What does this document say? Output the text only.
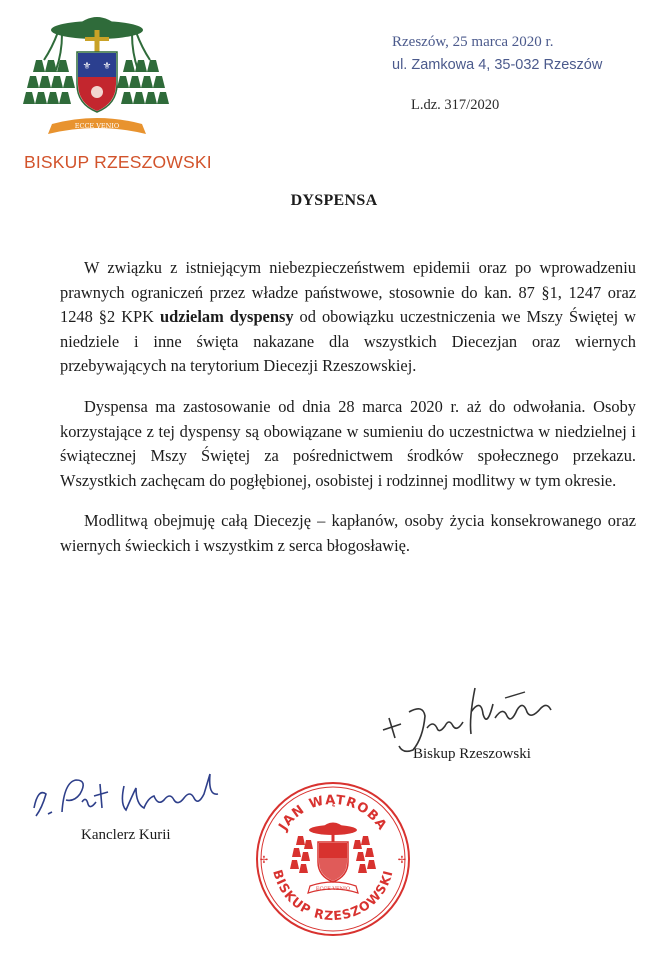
⚜ ⚜
ECCE VENIO
BISKUP RZESZOWSKI
Rzeszów, 25 marca 2020 r.
ul. Zamkowa 4, 35-032 Rzeszów
L.dz. 317/2020
DYSPENSA

W związku z istniejącym niebezpieczeństwem epidemii oraz po wprowadzeniu prawnych ograniczeń przez władze państwowe, stosownie do kan. 87 §1, 1247 oraz 1248 §2 KPK udzielam dyspensy od obowiązku uczestniczenia we Mszy Świętej w niedziele i inne święta nakazane dla wszystkich Diecezjan oraz wiernych przebywających na terytorium Diecezji Rzeszowskiej.

Dyspensa ma zastosowanie od dnia 28 marca 2020 r. aż do odwołania. Osoby korzystające z tej dyspensy są obowiązane w sumieniu do uczestnictwa w niedzielnej i świątecznej Mszy Świętej za pośrednictwem środków społecznego przekazu. Wszystkich zachęcam do pogłębionej, osobistej i rodzinnej modlitwy w tym okresie.

Modlitwą obejmuję całą Diecezję – kapłanów, osoby życia konsekrowanego oraz wiernych świeckich i wszystkim z serca błogosławię.

Biskup Rzeszowski
Kanclerz Kurii
JAN WĄTROBA
BISKUP RZESZOWSKI
✢	✢
ECCE VENIO
